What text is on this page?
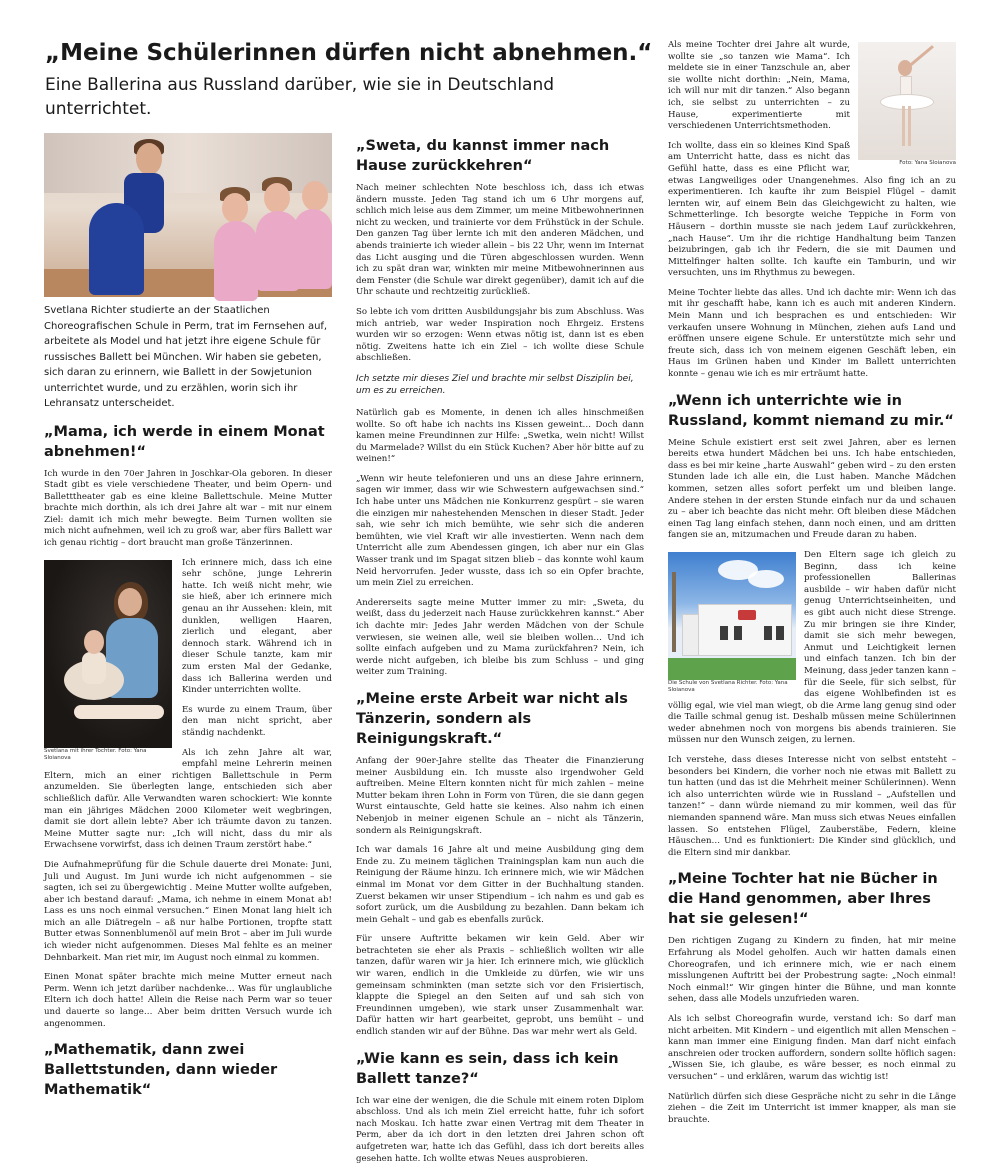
„Meine Schülerinnen dürfen nicht abnehmen.“
Eine Ballerina aus Russland darüber, wie sie in Deutschland unterrichtet.

Svetlana Richter studierte an der Staatlichen Choreografischen Schule in Perm, trat im Fernsehen auf, arbeitete als Model und hat jetzt ihre eigene Schule für russisches Ballett bei München. Wir haben sie gebeten, sich daran zu erinnern, wie Ballett in der Sowjetunion unterrichtet wurde, und zu erzählen, worin sich ihr Lehransatz unterscheidet.

„Mama, ich werde in einem Monat abnehmen!“

Ich wurde in den 70er Jahren in Joschkar-Ola geboren. In dieser Stadt gibt es viele verschiedene Theater, und beim Opern- und Balletttheater gab es eine kleine Ballettschule. Meine Mutter brachte mich dorthin, als ich drei Jahre alt war – mit nur einem Ziel: damit ich mich mehr bewegte. Beim Turnen wollten sie mich nicht aufnehmen, weil ich zu groß war, aber fürs Ballett war ich genau richtig – dort braucht man große Tänzerinnen.

Svetlana mit ihrer Tochter. Foto: Yana Sloianova

Ich erinnere mich, dass ich eine sehr schöne, junge Lehrerin hatte. Ich weiß nicht mehr, wie sie hieß, aber ich erinnere mich genau an ihr Aussehen: klein, mit dunklen, welligen Haaren, zierlich und elegant, aber dennoch stark. Während ich in dieser Schule tanzte, kam mir zum ersten Mal der Gedanke, dass ich Ballerina werden und Kinder unterrichten wollte.

Es wurde zu einem Traum, über den man nicht spricht, aber ständig nachdenkt.

Als ich zehn Jahre alt war, empfahl meine Lehrerin meinen Eltern, mich an einer richtigen Ballettschule in Perm anzumelden. Sie überlegten lange, entschieden sich aber schließlich dafür. Alle Verwandten waren schockiert: Wie konnte man ein jähriges Mädchen 2000 Kilometer weit wegbringen, damit sie dort allein lebte? Aber ich träumte davon zu tanzen. Meine Mutter sagte nur: „Ich will nicht, dass du mir als Erwachsene vorwirfst, dass ich deinen Traum zerstört habe.“

Die Aufnahmeprüfung für die Schule dauerte drei Monate: Juni, Juli und August. Im Juni wurde ich nicht aufgenommen – sie sagten, ich sei zu übergewichtig . Meine Mutter wollte aufgeben, aber ich bestand darauf: „Mama, ich nehme in einem Monat ab! Lass es uns noch einmal versuchen.“ Einen Monat lang hielt ich mich an alle Diätregeln – aß nur halbe Portionen, tropfte statt Butter etwas Sonnenblumenöl auf mein Brot – aber im Juli wurde ich wieder nicht aufgenommen. Dieses Mal fehlte es an meiner Dehnbarkeit. Man riet mir, im August noch einmal zu kommen.

Einen Monat später brachte mich meine Mutter erneut nach Perm. Wenn ich jetzt darüber nachdenke… Was für unglaubliche Eltern ich doch hatte! Allein die Reise nach Perm war so teuer und dauerte so lange… Aber beim dritten Versuch wurde ich angenommen.

„Mathematik, dann zwei Ballettstunden, dann wieder Mathematik“
„Sweta, du kannst immer nach Hause zurückkehren“

Nach meiner schlechten Note beschloss ich, dass ich etwas ändern musste. Jeden Tag stand ich um 6 Uhr morgens auf, schlich mich leise aus dem Zimmer, um meine Mitbewohnerinnen nicht zu wecken, und trainierte vor dem Frühstück in der Schule. Den ganzen Tag über lernte ich mit den anderen Mädchen, und abends trainierte ich wieder allein – bis 22 Uhr, wenn im Internat das Licht ausging und die Türen abgeschlossen wurden. Wenn ich zu spät dran war, winkten mir meine Mitbewohnerinnen aus dem Fenster (die Schule war direkt gegenüber), damit ich auf die Uhr schaute und rechtzeitig zurückließ.

So lebte ich vom dritten Ausbildungsjahr bis zum Abschluss. Was mich antrieb, war weder Inspiration noch Ehrgeiz. Erstens wurden wir so erzogen: Wenn etwas nötig ist, dann ist es eben nötig. Zweitens hatte ich ein Ziel – ich wollte diese Schule abschließen.

Ich setzte mir dieses Ziel und brachte mir selbst Disziplin bei, um es zu erreichen.

Natürlich gab es Momente, in denen ich alles hinschmeißen wollte. So oft habe ich nachts ins Kissen geweint… Doch dann kamen meine Freundinnen zur Hilfe: „Swetka, wein nicht! Willst du Marmelade? Willst du ein Stück Kuchen? Aber hör bitte auf zu weinen!“

„Wenn wir heute telefonieren und uns an diese Jahre erinnern, sagen wir immer, dass wir wie Schwestern aufgewachsen sind.“ Ich habe unter uns Mädchen nie Konkurrenz gespürt – sie waren die einzigen mir nahestehenden Menschen in dieser Stadt. Jeder sah, wie sehr ich mich bemühte, wie sehr sich die anderen bemühten, wie viel Kraft wir alle investierten. Wenn nach dem Unterricht alle zum Abendessen gingen, ich aber nur ein Glas Wasser trank und im Spagat sitzen blieb – das konnte wohl kaum Neid hervorrufen. Jeder wusste, dass ich so ein Opfer brachte, um mein Ziel zu erreichen.

Andererseits sagte meine Mutter immer zu mir: „Sweta, du weißt, dass du jederzeit nach Hause zurückkehren kannst.“ Aber ich dachte mir: Jedes Jahr werden Mädchen von der Schule verwiesen, sie weinen alle, weil sie bleiben wollen… Und ich sollte einfach aufgeben und zu Mama zurückfahren? Nein, ich werde nicht aufgeben, ich bleibe bis zum Schluss – und ging weiter zum Training.

„Meine erste Arbeit war nicht als Tänzerin, sondern als Reinigungskraft.“

Anfang der 90er-Jahre stellte das Theater die Finanzierung meiner Ausbildung ein. Ich musste also irgendwoher Geld auftreiben. Meine Eltern konnten nicht für mich zahlen – meine Mutter bekam ihren Lohn in Form von Türen, die sie dann gegen Wurst eintauschte, Geld hatte sie keines. Also nahm ich einen Nebenjob in meiner eigenen Schule an – nicht als Tänzerin, sondern als Reinigungskraft.

Ich war damals 16 Jahre alt und meine Ausbildung ging dem Ende zu. Zu meinem täglichen Trainingsplan kam nun auch die Reinigung der Räume hinzu. Ich erinnere mich, wie wir Mädchen einmal im Monat vor dem Gitter in der Buchhaltung standen. Zuerst bekamen wir unser Stipendium – ich nahm es und gab es sofort zurück, um die Ausbildung zu bezahlen. Dann bekam ich mein Gehalt – und gab es ebenfalls zurück.

Für unsere Auftritte bekamen wir kein Geld. Aber wir betrachteten sie eher als Praxis – schließlich wollten wir alle tanzen, dafür waren wir ja hier. Ich erinnere mich, wie glücklich wir waren, endlich in die Umkleide zu dürfen, wie wir uns gemeinsam schminkten (man setzte sich vor den Frisiertisch, klappte die Spiegel an den Seiten auf und sah sich von Freundinnen umgeben), wie stark unser Zusammenhalt war. Dafür hatten wir hart gearbeitet, geprobt, uns bemüht – und endlich standen wir auf der Bühne. Das war mehr wert als Geld.

„Wie kann es sein, dass ich kein Ballett tanze?“

Ich war eine der wenigen, die die Schule mit einem roten Diplom abschloss. Und als ich mein Ziel erreicht hatte, fuhr ich sofort nach Moskau. Ich hatte zwar einen Vertrag mit dem Theater in Perm, aber da ich dort in den letzten drei Jahren schon oft aufgetreten war, hatte ich das Gefühl, dass ich dort bereits alles gesehen hatte. Ich wollte etwas Neues ausprobieren.

Foto: Yana Sloianova

Als meine Tochter drei Jahre alt wurde, wollte sie „so tanzen wie Mama“. Ich meldete sie in einer Tanzschule an, aber sie wollte nicht dorthin: „Nein, Mama, ich will nur mit dir tanzen.“ Also begann ich, sie selbst zu unterrichten – zu Hause, experimentierte mit verschiedenen Unterrichtsmethoden.

Ich wollte, dass ein so kleines Kind Spaß am Unterricht hatte, dass es nicht das Gefühl hatte, dass es eine Pflicht war, etwas Langweiliges oder Unangenehmes. Also fing ich an zu experimentieren. Ich kaufte ihr zum Beispiel Flügel – damit lernten wir, auf einem Bein das Gleichgewicht zu halten, wie Schmetterlinge. Ich besorgte weiche Teppiche in Form von Häusern – dorthin musste sie nach jedem Lauf zurückkehren, „nach Hause“. Um ihr die richtige Handhaltung beim Tanzen beizubringen, gab ich ihr Federn, die sie mit Daumen und Mittelfinger halten sollte. Ich kaufte ein Tamburin, und wir versuchten, uns im Rhythmus zu bewegen.

Meine Tochter liebte das alles. Und ich dachte mir: Wenn ich das mit ihr geschafft habe, kann ich es auch mit anderen Kindern. Mein Mann und ich besprachen es und entschieden: Wir verkaufen unsere Wohnung in München, ziehen aufs Land und eröffnen unsere eigene Schule. Er unterstützte mich sehr und freute sich, dass ich von meinem eigenen Geschäft leben, ein Haus im Grünen haben und Kinder im Ballett unterrichten konnte – genau wie ich es mir erträumt hatte.

„Wenn ich unterrichte wie in Russland, kommt niemand zu mir.“

Meine Schule existiert erst seit zwei Jahren, aber es lernen bereits etwa hundert Mädchen bei uns. Ich habe entschieden, dass es bei mir keine „harte Auswahl“ geben wird – zu den ersten Stunden lade ich alle ein, die Lust haben. Manche Mädchen kommen, setzen alles sofort perfekt um und bleiben lange. Andere stehen in der ersten Stunde einfach nur da und schauen zu – aber ich beachte das nicht mehr. Oft bleiben diese Mädchen einen Tag lang einfach stehen, dann noch einen, und am dritten fangen sie an, mitzumachen und Freude daran zu haben.

Die Schule von Svetlana Richter. Foto: Yana Sloianova

Den Eltern sage ich gleich zu Beginn, dass ich keine professionellen Ballerinas ausbilde – wir haben dafür nicht genug Unterrichtseinheiten, und es gibt auch nicht diese Strenge. Zu mir bringen sie ihre Kinder, damit sie sich mehr bewegen, Anmut und Leichtigkeit lernen und einfach tanzen. Ich bin der Meinung, dass jeder tanzen kann – für die Seele, für sich selbst, für das eigene Wohlbefinden ist es völlig egal, wie viel man wiegt, ob die Arme lang genug sind oder die Taille schmal genug ist. Deshalb müssen meine Schülerinnen weder abnehmen noch von morgens bis abends trainieren. Sie müssen nur den Wunsch zeigen, zu lernen.

Ich verstehe, dass dieses Interesse nicht von selbst entsteht – besonders bei Kindern, die vorher noch nie etwas mit Ballett zu tun hatten (und das ist die Mehrheit meiner Schülerinnen). Wenn ich also unterrichten würde wie in Russland – „Aufstellen und tanzen!“ – dann würde niemand zu mir kommen, weil das für niemanden spannend wäre. Man muss sich etwas Neues einfallen lassen. So entstehen Flügel, Zauberstäbe, Federn, kleine Häuschen… Und es funktioniert: Die Kinder sind glücklich, und die Eltern sind mir dankbar.

„Meine Tochter hat nie Bücher in die Hand genommen, aber Ihres hat sie gelesen!“

Den richtigen Zugang zu Kindern zu finden, hat mir meine Erfahrung als Model geholfen. Auch wir hatten damals einen Choreografen, und ich erinnere mich, wie er nach einem misslungenen Auftritt bei der Probestrung sagte: „Noch einmal! Noch einmal!“ Wir gingen hinter die Bühne, und man konnte sehen, dass alle Models unzufrieden waren.

Als ich selbst Choreografin wurde, verstand ich: So darf man nicht arbeiten. Mit Kindern – und eigentlich mit allen Menschen – kann man immer eine Einigung finden. Man darf nicht einfach anschreien oder trocken auffordern, sondern sollte höflich sagen: „Wissen Sie, ich glaube, es wäre besser, es noch einmal zu versuchen“ – und erklären, warum das wichtig ist!

Natürlich dürfen sich diese Gespräche nicht zu sehr in die Länge ziehen – die Zeit im Unterricht ist immer knapper, als man sie brauchte.
